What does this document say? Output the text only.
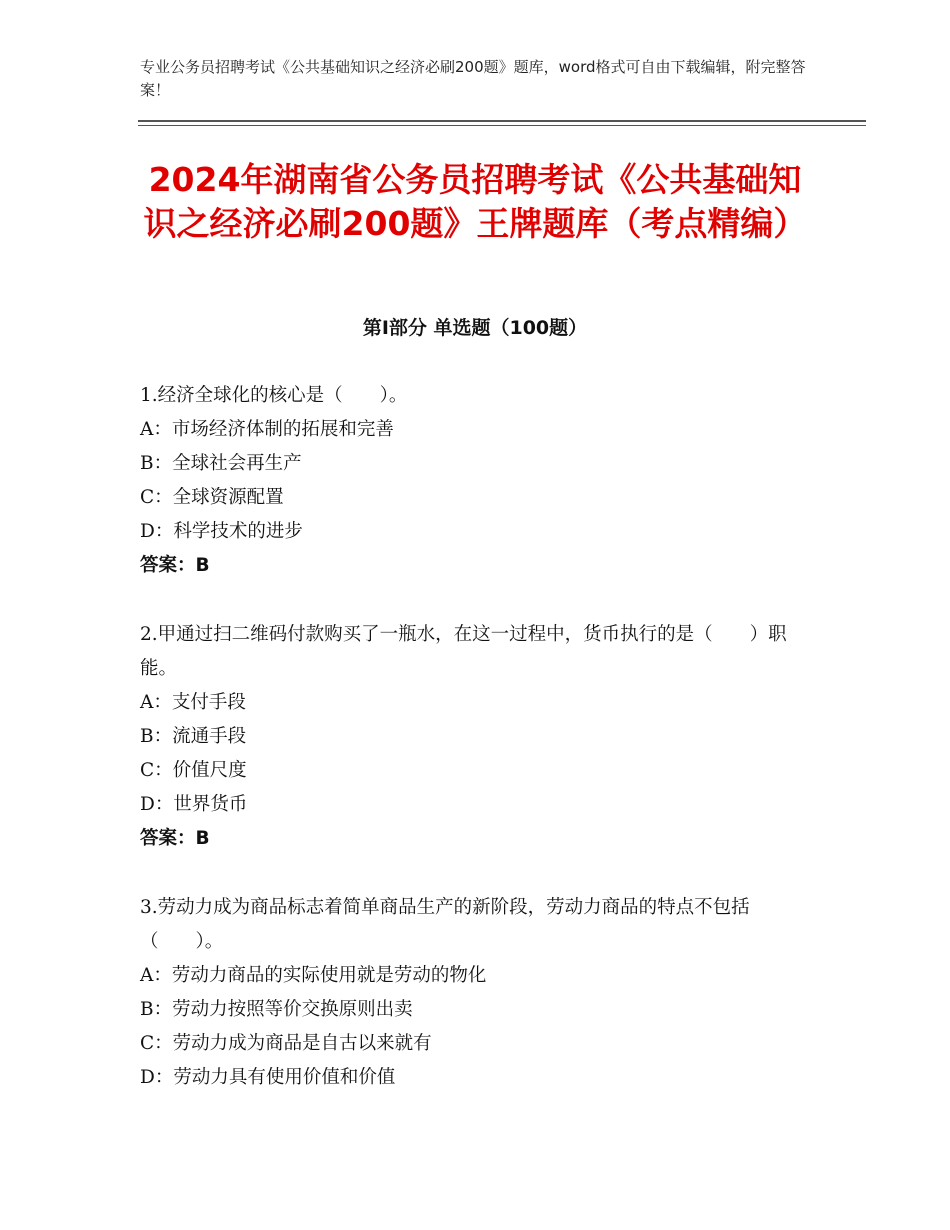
专业公务员招聘考试《公共基础知识之经济必刷200题》题库，word格式可自由下载编辑，附完整答案！
2024年湖南省公务员招聘考试《公共基础知识之经济必刷200题》王牌题库（考点精编）
第Ⅰ部分 单选题（100题）
1.经济全球化的核心是（　　）。
A：市场经济体制的拓展和完善
B：全球社会再生产
C：全球资源配置
D：科学技术的进步
答案：B
2.甲通过扫二维码付款购买了一瓶水，在这一过程中，货币执行的是（　　）职能。
A：支付手段
B：流通手段
C：价值尺度
D：世界货币
答案：B
3.劳动力成为商品标志着简单商品生产的新阶段，劳动力商品的特点不包括（　　）。
A：劳动力商品的实际使用就是劳动的物化
B：劳动力按照等价交换原则出卖
C：劳动力成为商品是自古以来就有
D：劳动力具有使用价值和价值
